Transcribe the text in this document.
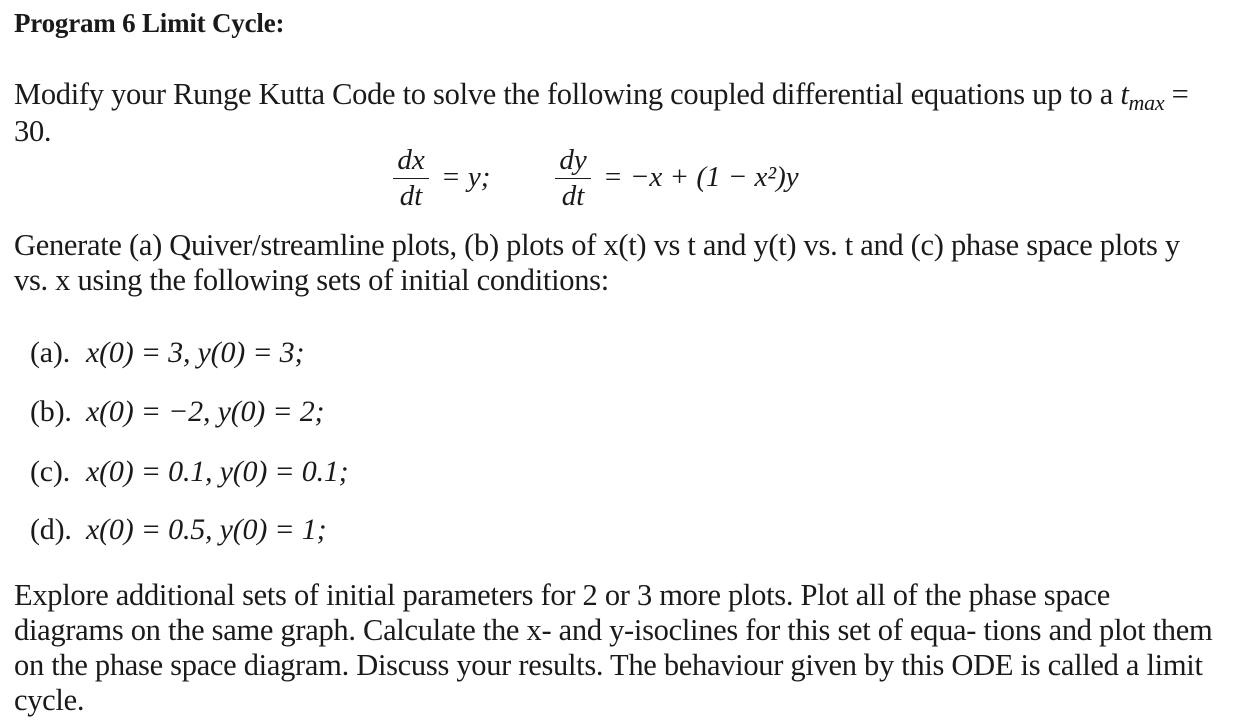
Program 6 Limit Cycle:

Modify your Runge Kutta Code to solve the following coupled differential equations up to a tmax = 30.

dx
dt
= y;
dy
dt
= −x + (1 − x²)y

Generate (a) Quiver/streamline plots, (b) plots of x(t) vs t and y(t) vs. t and (c) phase space plots y vs. x using the following sets of initial conditions:

(a). x(0) = 3, y(0) = 3;

(b). x(0) = −2, y(0) = 2;

(c). x(0) = 0.1, y(0) = 0.1;

(d). x(0) = 0.5, y(0) = 1;

Explore additional sets of initial parameters for 2 or 3 more plots. Plot all of the phase space diagrams on the same graph. Calculate the x- and y-isoclines for this set of equa- tions and plot them on the phase space diagram. Discuss your results. The behaviour given by this ODE is called a limit cycle.
